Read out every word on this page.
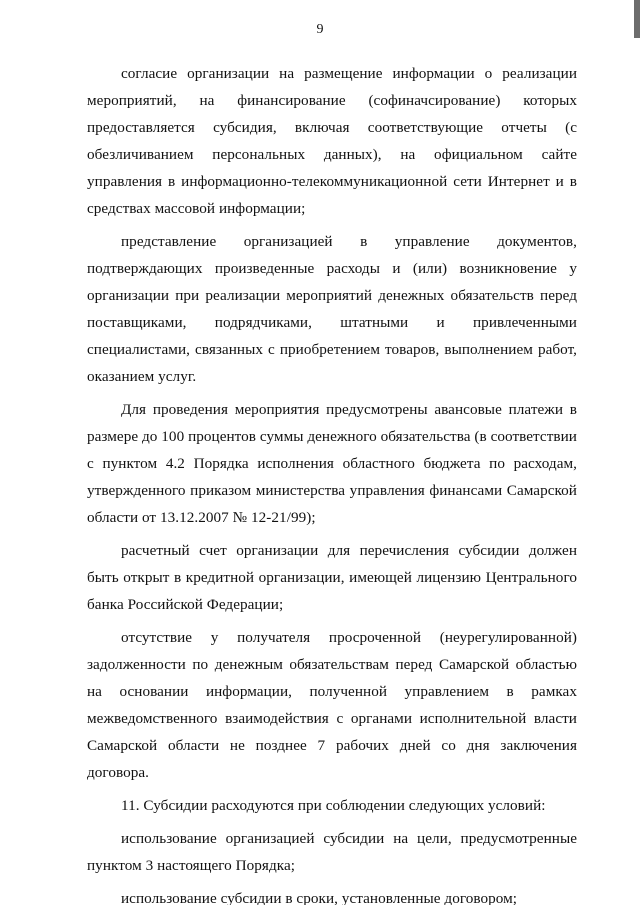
9

согласие организации на размещение информации о реализации мероприятий, на финансирование (софиначсирование) которых предоставляется субсидия, включая соответствующие отчеты (с обезличиванием персональных данных), на официальном сайте управления в информационно-телекоммуникационной сети Интернет и в средствах массовой информации;

представление организацией в управление документов, подтверждающих произведенные расходы и (или) возникновение у организации при реализации мероприятий денежных обязательств перед поставщиками, подрядчиками, штатными и привлеченными специалистами, связанных с приобретением товаров, выполнением работ, оказанием услуг.

Для проведения мероприятия предусмотрены авансовые платежи в размере до 100 процентов суммы денежного обязательства (в соответствии с пунктом 4.2 Порядка исполнения областного бюджета по расходам, утвержденного приказом министерства управления финансами Самарской области от 13.12.2007 № 12-21/99);

расчетный счет организации для перечисления субсидии должен быть открыт в кредитной организации, имеющей лицензию Центрального банка Российской Федерации;

отсутствие у получателя просроченной (неурегулированной) задолженности по денежным обязательствам перед Самарской областью на основании информации, полученной управлением в рамках межведомственного взаимодействия с органами исполнительной власти Самарской области не позднее 7 рабочих дней со дня заключения договора.

11. Субсидии расходуются при соблюдении следующих условий:

использование организацией субсидии на цели, предусмотренные пунктом 3 настоящего Порядка;

использование субсидии в сроки, установленные договором;
